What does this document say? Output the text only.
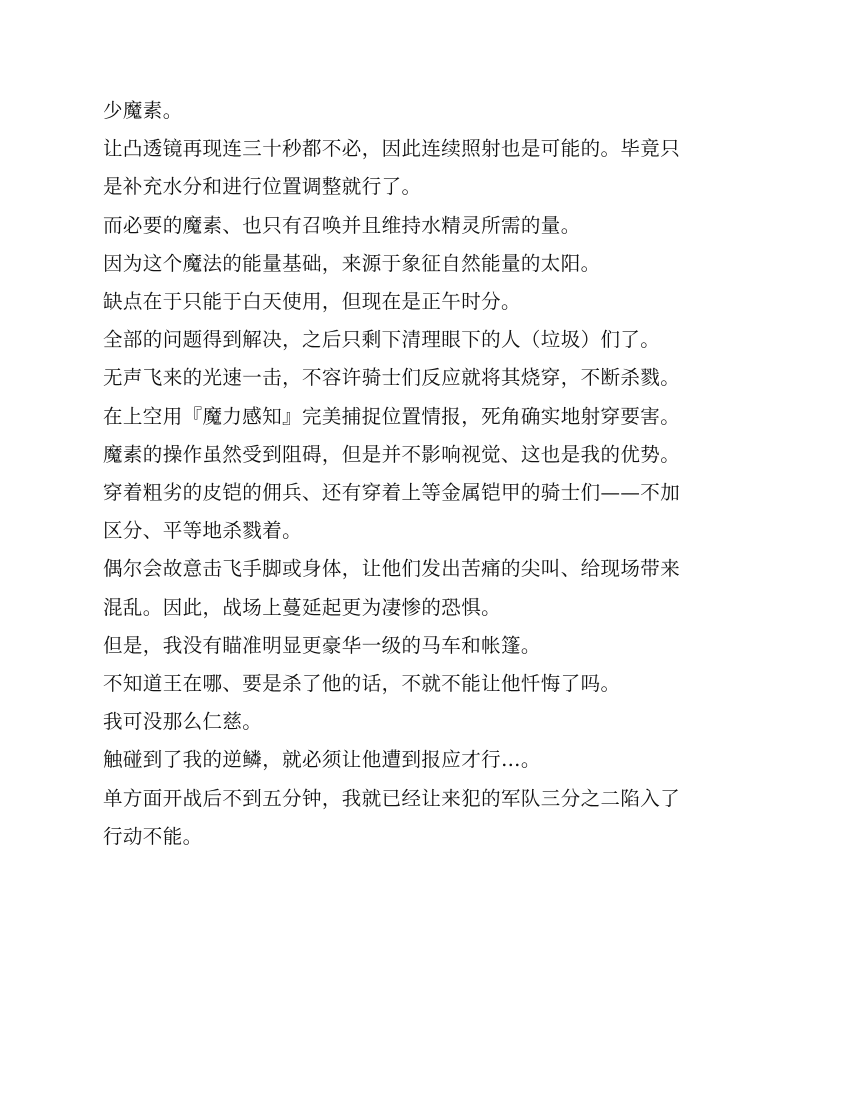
少魔素。

让凸透镜再现连三十秒都不必，因此连续照射也是可能的。毕竟只

是补充水分和进行位置调整就行了。

而必要的魔素、也只有召唤并且维持水精灵所需的量。

因为这个魔法的能量基础，来源于象征自然能量的太阳。

缺点在于只能于白天使用，但现在是正午时分。

全部的问题得到解决，之后只剩下清理眼下的人（垃圾）们了。

无声飞来的光速一击，不容许骑士们反应就将其烧穿，不断杀戮。

在上空用『魔力感知』完美捕捉位置情报，死角确实地射穿要害。

魔素的操作虽然受到阻碍，但是并不影响视觉、这也是我的优势。

穿着粗劣的皮铠的佣兵、还有穿着上等金属铠甲的骑士们——不加

区分、平等地杀戮着。

偶尔会故意击飞手脚或身体，让他们发出苦痛的尖叫、给现场带来

混乱。因此，战场上蔓延起更为凄惨的恐惧。

但是，我没有瞄准明显更豪华一级的马车和帐篷。

不知道王在哪、要是杀了他的话，不就不能让他忏悔了吗。

我可没那么仁慈。

触碰到了我的逆鳞，就必须让他遭到报应才行…。

单方面开战后不到五分钟，我就已经让来犯的军队三分之二陷入了

行动不能。
